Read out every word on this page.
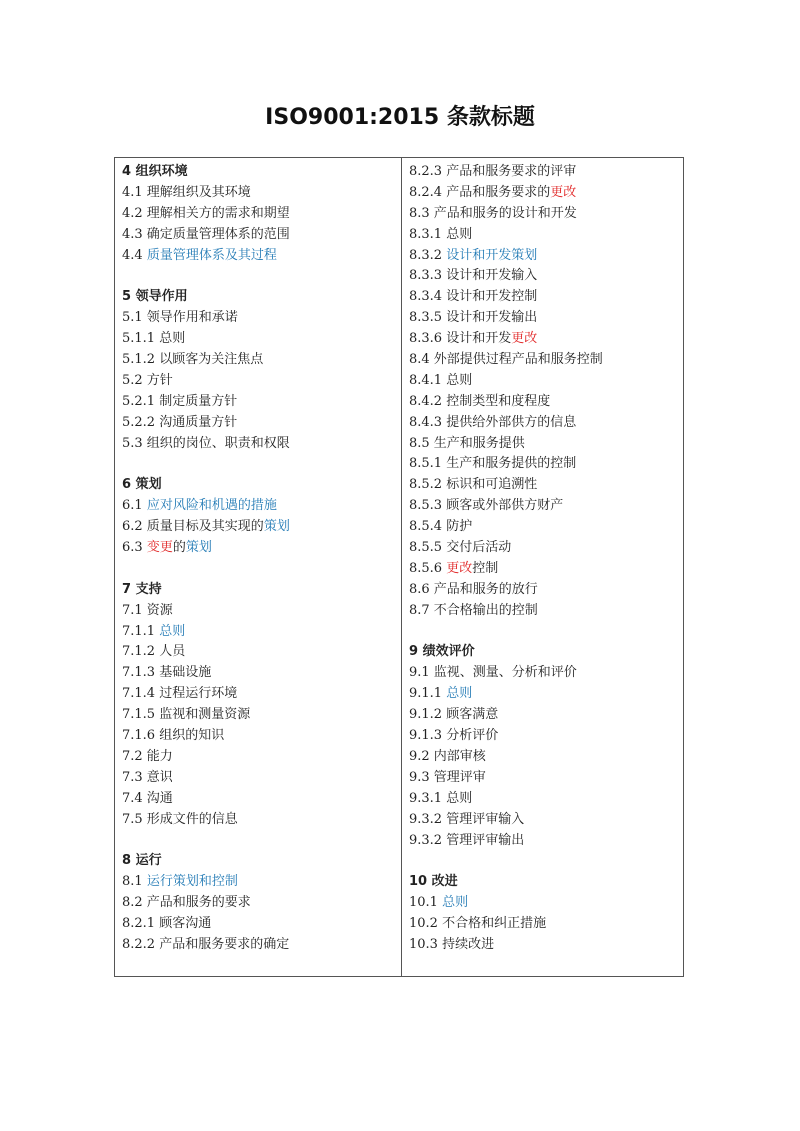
ISO9001:2015 条款标题
4 组织环境
4.1 理解组织及其环境
4.2 理解相关方的需求和期望
4.3 确定质量管理体系的范围
4.4 质量管理体系及其过程
5 领导作用
5.1 领导作用和承诺
5.1.1 总则
5.1.2 以顾客为关注焦点
5.2 方针
5.2.1 制定质量方针
5.2.2 沟通质量方针
5.3 组织的岗位、职责和权限
6 策划
6.1 应对风险和机遇的措施
6.2 质量目标及其实现的策划
6.3 变更的策划
7 支持
7.1 资源
7.1.1 总则
7.1.2 人员
7.1.3 基础设施
7.1.4 过程运行环境
7.1.5 监视和测量资源
7.1.6 组织的知识
7.2 能力
7.3 意识
7.4 沟通
7.5 形成文件的信息
8 运行
8.1 运行策划和控制
8.2 产品和服务的要求
8.2.1 顾客沟通
8.2.2 产品和服务要求的确定
8.2.3 产品和服务要求的评审
8.2.4 产品和服务要求的更改
8.3 产品和服务的设计和开发
8.3.1 总则
8.3.2 设计和开发策划
8.3.3 设计和开发输入
8.3.4 设计和开发控制
8.3.5 设计和开发输出
8.3.6 设计和开发更改
8.4 外部提供过程产品和服务控制
8.4.1 总则
8.4.2 控制类型和度程度
8.4.3 提供给外部供方的信息
8.5 生产和服务提供
8.5.1 生产和服务提供的控制
8.5.2 标识和可追溯性
8.5.3 顾客或外部供方财产
8.5.4 防护
8.5.5 交付后活动
8.5.6 更改控制
8.6 产品和服务的放行
8.7 不合格输出的控制
9 绩效评价
9.1 监视、测量、分析和评价
9.1.1 总则
9.1.2 顾客满意
9.1.3 分析评价
9.2 内部审核
9.3 管理评审
9.3.1 总则
9.3.2 管理评审输入
9.3.2 管理评审输出
10 改进
10.1 总则
10.2 不合格和纠正措施
10.3 持续改进
